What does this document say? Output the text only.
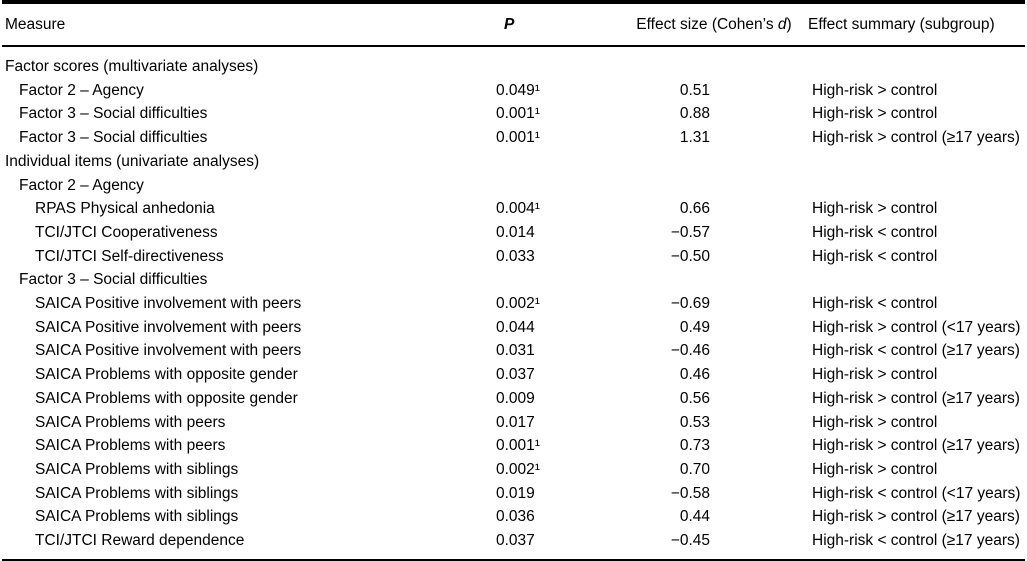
Measure	P	Effect size (Cohen’s d)	Effect summary (subgroup)
Factor scores (multivariate analyses)			
Factor 2 – Agency	0.049¹	0.51	High-risk > control
Factor 3 – Social difficulties	0.001¹	0.88	High-risk > control
Factor 3 – Social difficulties	0.001¹	1.31	High-risk > control (≥17 years)
Individual items (univariate analyses)			
Factor 2 – Agency			
RPAS Physical anhedonia	0.004¹	0.66	High-risk > control
TCI/JTCI Cooperativeness	0.014	−0.57	High-risk < control
TCI/JTCI Self-directiveness	0.033	−0.50	High-risk < control
Factor 3 – Social difficulties			
SAICA Positive involvement with peers	0.002¹	−0.69	High-risk < control
SAICA Positive involvement with peers	0.044	0.49	High-risk > control (<17 years)
SAICA Positive involvement with peers	0.031	−0.46	High-risk < control (≥17 years)
SAICA Problems with opposite gender	0.037	0.46	High-risk > control
SAICA Problems with opposite gender	0.009	0.56	High-risk > control (≥17 years)
SAICA Problems with peers	0.017	0.53	High-risk > control
SAICA Problems with peers	0.001¹	0.73	High-risk > control (≥17 years)
SAICA Problems with siblings	0.002¹	0.70	High-risk > control
SAICA Problems with siblings	0.019	−0.58	High-risk < control (<17 years)
SAICA Problems with siblings	0.036	0.44	High-risk > control (≥17 years)
TCI/JTCI Reward dependence	0.037	−0.45	High-risk < control (≥17 years)
